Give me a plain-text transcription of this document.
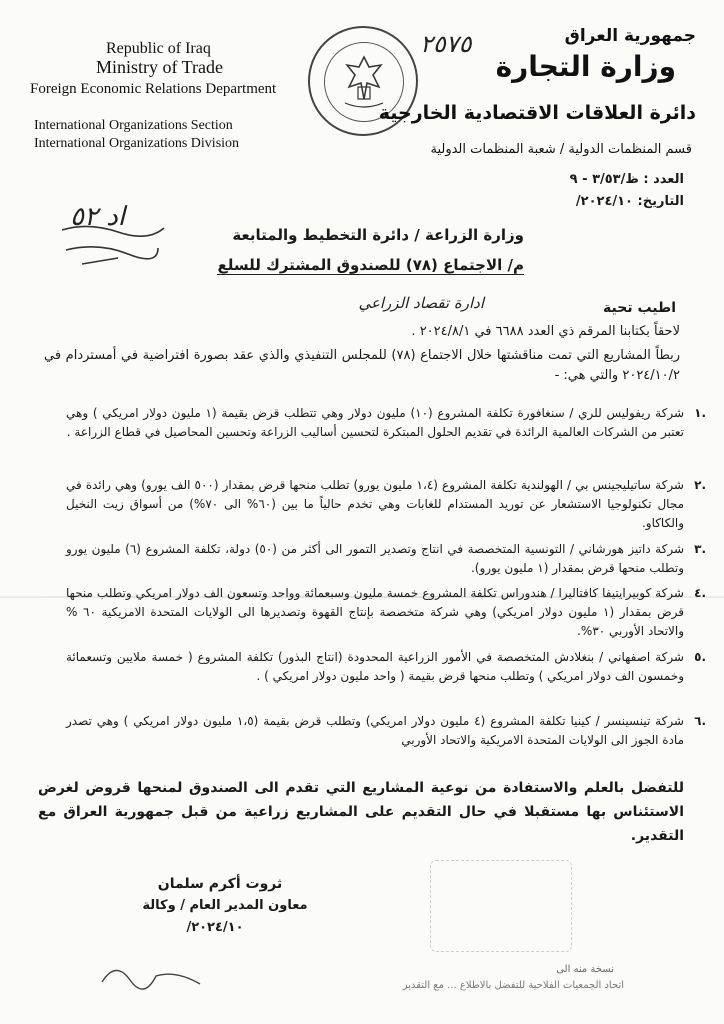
Republic of Iraq
Ministry of Trade
Foreign Economic Relations Department
International Organizations Section
International Organizations Division
جمهورية العراق
وزارة التجارة
دائرة العلاقات الاقتصادية الخارجية
قسم المنظمات الدولية / شعبة المنظمات الدولية
٢٥٧٥
العدد : ظ/٣/٥٣ - ٩
التاريخ: ٢٠٢٤/١٠/
اد ٥٢
وزارة الزراعة / دائرة التخطيط والمتابعة
م/ الاجتماع (٧٨) للصندوق المشترك للسلع
ادارة تقصاد الزراعي	اطيب تحية
لاحقاً بكتابنا المرقم ذي العدد ٦٦٨٨ في ٢٠٢٤/٨/١ .
ربطاً المشاريع التي تمت مناقشتها خلال الاجتماع (٧٨) للمجلس التنفيذي والذي عقد بصورة افتراضية في أمستردام في ٢٠٢٤/١٠/٢ والتي هي: -
.١
شركة ريفوليس للري / سنغافورة تكلفة المشروع (١٠) مليون دولار وهي تتطلب قرض بقيمة (١ مليون دولار امريكي ) وهي تعتبر من الشركات العالمية الرائدة في تقديم الحلول المبتكرة لتحسين أساليب الزراعة وتحسين المحاصيل في قطاع الزراعة .
.٢
شركة ساتيليجينس بي / الهولندية تكلفة المشروع (١،٤ مليون يورو) تطلب منحها قرض بمقدار (٥٠٠ الف يورو) وهي رائدة في مجال تكنولوجيا الاستشعار عن توريد المستدام للغابات وهي تخدم حالياً ما بين (٦٠% الى ٧٠%) من أسواق زيت النخيل والكاكاو.
.٣
شركة داتيز هورشاني / التونسية المتخصصة في انتاج وتصدير التمور الى أكثر من (٥٠) دولة، تكلفة المشروع (٦) مليون يورو وتطلب منحها قرض بمقدار (١ مليون يورو).
.٤
شركة كوبيرايتيفا كافتاليرا / هندوراس تكلفة المشروع خمسة مليون وسبعمائة وواحد وتسعون الف دولار امريكي وتطلب منحها قرض بمقدار (١ مليون دولار امريكي) وهي شركة متخصصة بإنتاج القهوة وتصديرها الى الولايات المتحدة الامريكية ٦٠ % والاتحاد الأوربي ٣٠%.
.٥
شركة اصفهاني / بنغلادش المتخصصة في الأمور الزراعية المحدودة (انتاج البذور) تكلفة المشروع ( خمسة ملايين وتسعمائة وخمسون الف دولار امريكي ) وتطلب منحها قرض بقيمة ( واحد مليون دولار امريكي ) .
.٦
شركة تينسينسر / كينيا تكلفة المشروع (٤ مليون دولار امريكي) وتطلب قرض بقيمة (١،٥ مليون دولار امريكي ) وهي تصدر مادة الجوز الى الولايات المتحدة الامريكية والاتحاد الأوربي
للتفضل بالعلم والاستفادة من نوعية المشاريع التي تقدم الى الصندوق لمنحها قروض لغرض الاستئناس بها مستقبلا في حال التقديم على المشاريع زراعية من قبل جمهورية العراق مع التقدير.
ثروت أكرم سلمان
معاون المدير العام / وكالة
٢٠٢٤/١٠/
نسخة منه الى
اتحاد الجمعيات الفلاحية للتفضل بالاطلاع ... مع التقدير
